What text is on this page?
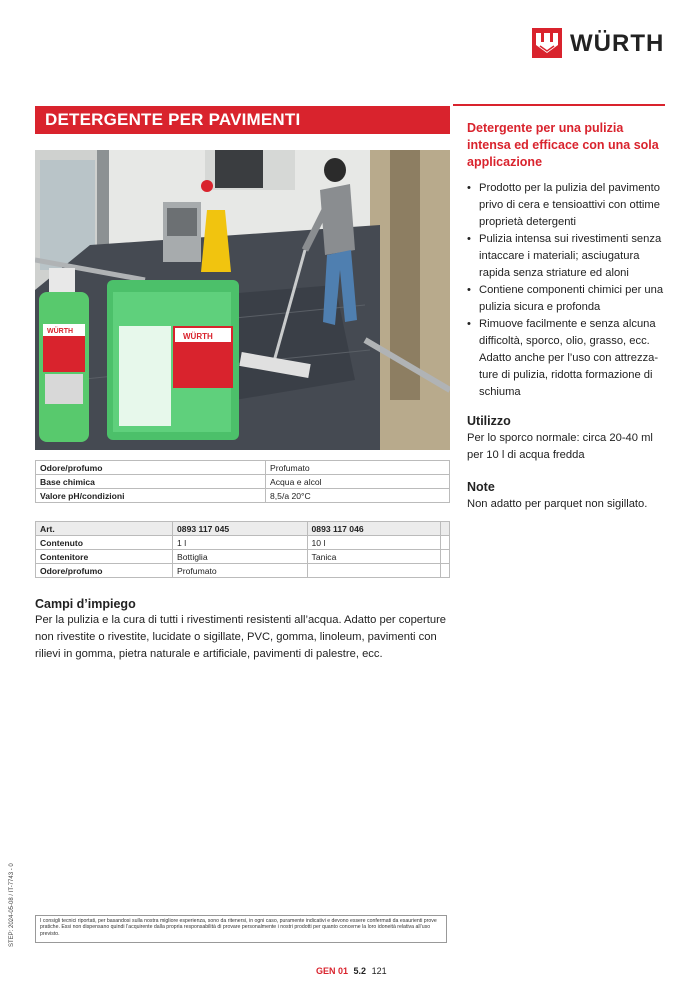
WÜRTH
DETERGENTE PER PAVIMENTI
WÜRTH
WÜRTH
Detergente per una pulizia intensa ed efficace con una sola applicazione
• Prodotto per la pulizia del pavimento privo di cera e tensioattivi con ottime proprietà detergenti
• Pulizia intensa sui rivestimenti senza intaccare i materiali; asciugatura rapida senza striature ed aloni
• Contiene componenti chimici per una pulizia sicura e profonda
• Rimuove facilmente e senza alcuna difficoltà, sporco, olio, grasso, ecc. Adatto anche per l’uso con attrezza-ture di pulizia, ridotta formazione di schiuma
Utilizzo
Per lo sporco normale: circa 20-40 ml per 10 l di acqua fredda
Note
Non adatto per parquet non sigillato.
Odore/profumo	Profumato
Base chimica	Acqua e alcol
Valore pH/condizioni	8,5/a 20°C
Art.	0893 117 045	0893 117 046	
Contenuto	1 l	10 l	
Contenitore	Bottiglia	Tanica	
Odore/profumo	Profumato		
Campi d’impiego
Per la pulizia e la cura di tutti i rivestimenti resistenti all’acqua. Adatto per coperture non rivestite o rivestite, lucidate o sigillate, PVC, gomma, linoleum, pavimenti con rilievi in gomma, pietra naturale e artificiale, pavimenti di palestre, ecc.
STEP: 2024-05-08 / IT-7743 - 0	I consigli tecnici riportati, per basandosi sulla nostra migliore esperienza, sono da ritenersi, in ogni caso, puramente indicativi e devono essere confermati da esaurienti prove pratiche. Essi non dispensano quindi l’acquirente dalla propria responsabilità di provare personalmente i nostri prodotti per quanto concerne la loro idoneità relativa all’uso previsto.
GEN 01 5.2 121
